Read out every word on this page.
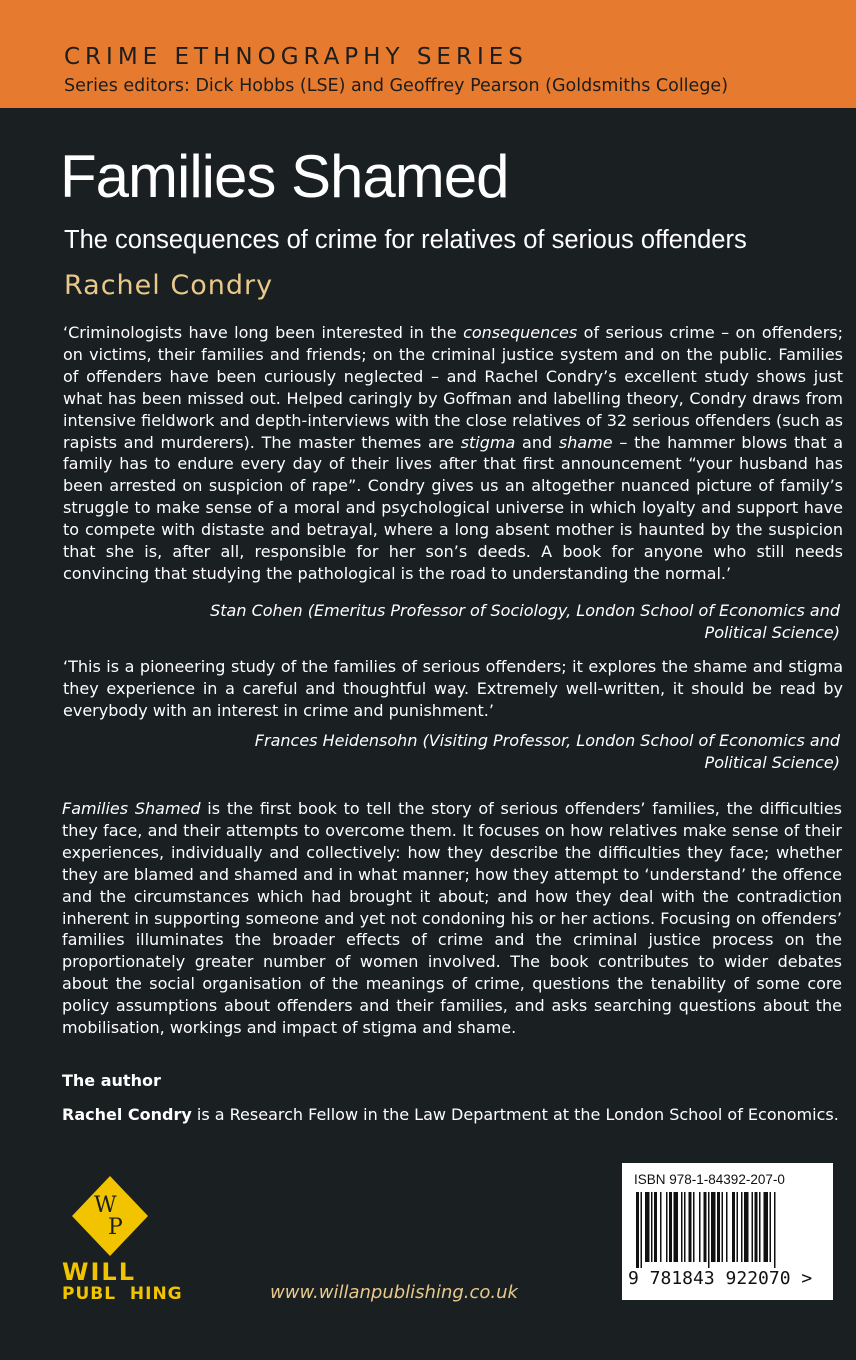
CRIME ETHNOGRAPHY SERIES
Series editors: Dick Hobbs (LSE) and Geoffrey Pearson (Goldsmiths College)
Families Shamed
The consequences of crime for relatives of serious offenders
Rachel Condry
‘Criminologists have long been interested in the consequences of serious crime – on offenders; on victims, their families and friends; on the criminal justice system and on the public. Families of offenders have been curiously neglected – and Rachel Condry’s excellent study shows just what has been missed out. Helped caringly by Goffman and labelling theory, Condry draws from intensive fieldwork and depth-interviews with the close relatives of 32 serious offenders (such as rapists and murderers). The master themes are stigma and shame – the hammer blows that a family has to endure every day of their lives after that first announcement “your husband has been arrested on suspicion of rape”. Condry gives us an altogether nuanced picture of family’s struggle to make sense of a moral and psychological universe in which loyalty and support have to compete with distaste and betrayal, where a long absent mother is haunted by the suspicion that she is, after all, responsible for her son’s deeds. A book for anyone who still needs convincing that studying the pathological is the road to understanding the normal.’
Stan Cohen (Emeritus Professor of Sociology, London School of Economics and
Political Science)
‘This is a pioneering study of the families of serious offenders; it explores the shame and stigma they experience in a careful and thoughtful way. Extremely well-written, it should be read by everybody with an interest in crime and punishment.’
Frances Heidensohn (Visiting Professor, London School of Economics and
Political Science)
Families Shamed is the first book to tell the story of serious offenders’ families, the difficulties they face, and their attempts to overcome them. It focuses on how relatives make sense of their experiences, individually and collectively: how they describe the difficulties they face; whether they are blamed and shamed and in what manner; how they attempt to ‘understand’ the offence and the circumstances which had brought it about; and how they deal with the contradiction inherent in supporting someone and yet not condoning his or her actions. Focusing on offenders’ families illuminates the broader effects of crime and the criminal justice process on the proportionately greater number of women involved. The book contributes to wider debates about the social organisation of the meanings of crime, questions the tenability of some core policy assumptions about offenders and their families, and asks searching questions about the mobilisation, workings and impact of stigma and shame.
The author
Rachel Condry is a Research Fellow in the Law Department at the London School of Economics.
W
P
WILL
PUBL  HING	www.willanpublishing.co.uk
ISBN 978-1-84392-207-0
9 781843 922070 >
